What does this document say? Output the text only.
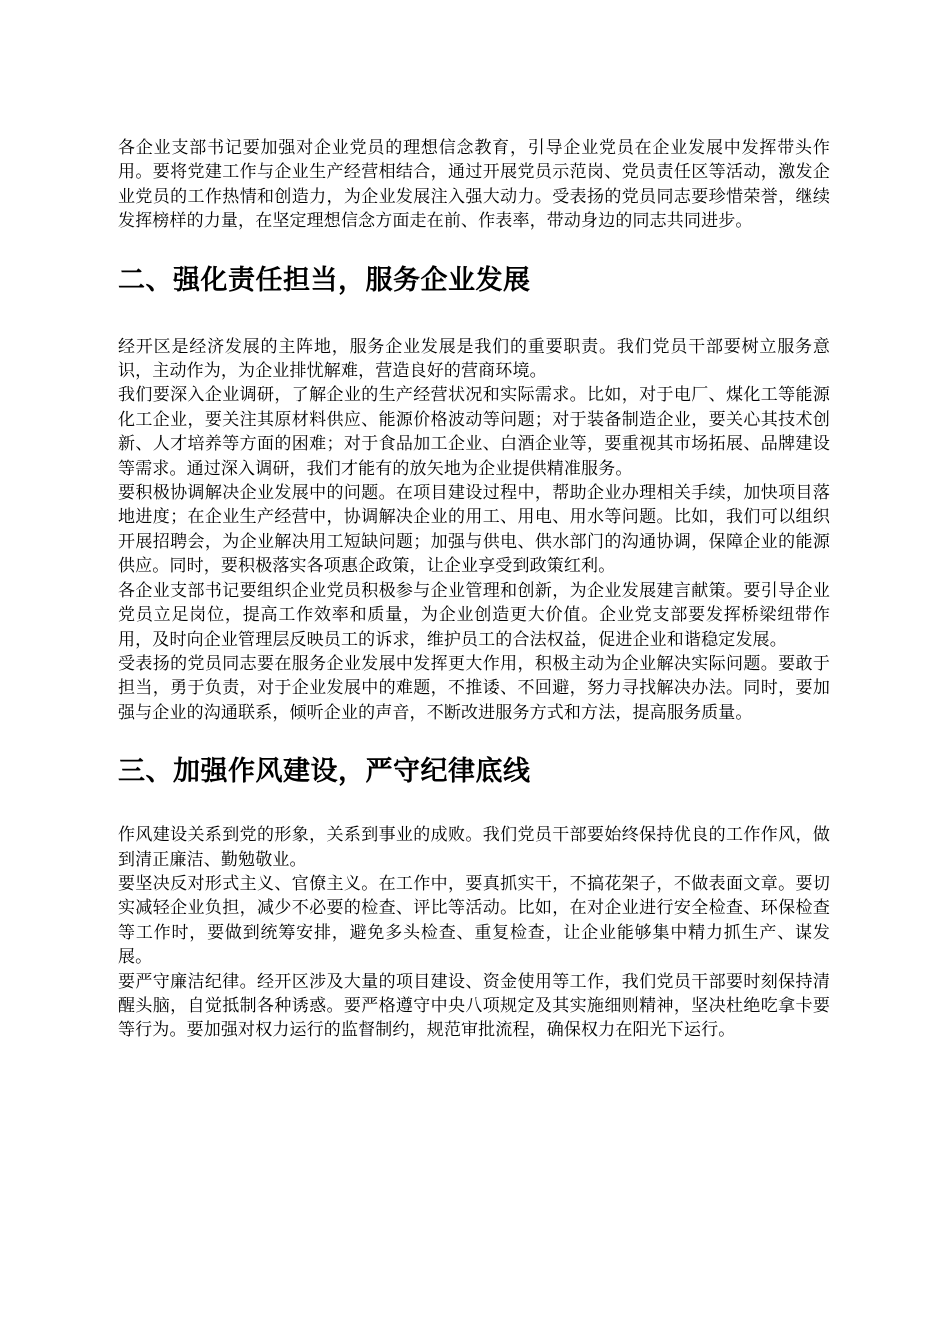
各企业支部书记要加强对企业党员的理想信念教育，引导企业党员在企业发展中发挥带头作用。要将党建工作与企业生产经营相结合，通过开展党员示范岗、党员责任区等活动，激发企业党员的工作热情和创造力，为企业发展注入强大动力。受表扬的党员同志要珍惜荣誉，继续发挥榜样的力量，在坚定理想信念方面走在前、作表率，带动身边的同志共同进步。

二、强化责任担当，服务企业发展

经开区是经济发展的主阵地，服务企业发展是我们的重要职责。我们党员干部要树立服务意识，主动作为，为企业排忧解难，营造良好的营商环境。

我们要深入企业调研，了解企业的生产经营状况和实际需求。比如，对于电厂、煤化工等能源化工企业，要关注其原材料供应、能源价格波动等问题；对于装备制造企业，要关心其技术创新、人才培养等方面的困难；对于食品加工企业、白酒企业等，要重视其市场拓展、品牌建设等需求。通过深入调研，我们才能有的放矢地为企业提供精准服务。

要积极协调解决企业发展中的问题。在项目建设过程中，帮助企业办理相关手续，加快项目落地进度；在企业生产经营中，协调解决企业的用工、用电、用水等问题。比如，我们可以组织开展招聘会，为企业解决用工短缺问题；加强与供电、供水部门的沟通协调，保障企业的能源供应。同时，要积极落实各项惠企政策，让企业享受到政策红利。

各企业支部书记要组织企业党员积极参与企业管理和创新，为企业发展建言献策。要引导企业党员立足岗位，提高工作效率和质量，为企业创造更大价值。企业党支部要发挥桥梁纽带作用，及时向企业管理层反映员工的诉求，维护员工的合法权益，促进企业和谐稳定发展。

受表扬的党员同志要在服务企业发展中发挥更大作用，积极主动为企业解决实际问题。要敢于担当，勇于负责，对于企业发展中的难题，不推诿、不回避，努力寻找解决办法。同时，要加强与企业的沟通联系，倾听企业的声音，不断改进服务方式和方法，提高服务质量。

三、加强作风建设，严守纪律底线

作风建设关系到党的形象，关系到事业的成败。我们党员干部要始终保持优良的工作作风，做到清正廉洁、勤勉敬业。

要坚决反对形式主义、官僚主义。在工作中，要真抓实干，不搞花架子，不做表面文章。要切实减轻企业负担，减少不必要的检查、评比等活动。比如，在对企业进行安全检查、环保检查等工作时，要做到统筹安排，避免多头检查、重复检查，让企业能够集中精力抓生产、谋发展。

要严守廉洁纪律。经开区涉及大量的项目建设、资金使用等工作，我们党员干部要时刻保持清醒头脑，自觉抵制各种诱惑。要严格遵守中央八项规定及其实施细则精神，坚决杜绝吃拿卡要等行为。要加强对权力运行的监督制约，规范审批流程，确保权力在阳光下运行。
